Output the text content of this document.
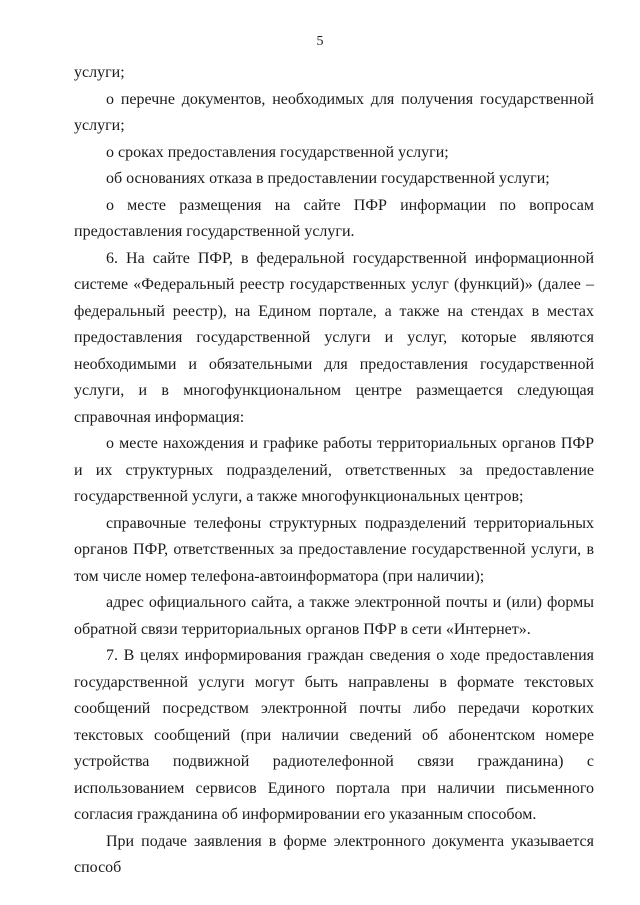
5

услуги;

о перечне документов, необходимых для получения государственной услуги;

о сроках предоставления государственной услуги;

об основаниях отказа в предоставлении государственной услуги;

о месте размещения на сайте ПФР информации по вопросам предоставления государственной услуги.

6. На сайте ПФР, в федеральной государственной информационной системе «Федеральный реестр государственных услуг (функций)» (далее – федеральный реестр), на Едином портале, а также на стендах в местах предоставления государственной услуги и услуг, которые являются необходимыми и обязательными для предоставления государственной услуги, и в многофункциональном центре размещается следующая справочная информация:

о месте нахождения и графике работы территориальных органов ПФР и их структурных подразделений, ответственных за предоставление государственной услуги, а также многофункциональных центров;

справочные телефоны структурных подразделений территориальных органов ПФР, ответственных за предоставление государственной услуги, в том числе номер телефона-автоинформатора (при наличии);

адрес официального сайта, а также электронной почты и (или) формы обратной связи территориальных органов ПФР в сети «Интернет».

7. В целях информирования граждан сведения о ходе предоставления государственной услуги могут быть направлены в формате текстовых сообщений посредством электронной почты либо передачи коротких текстовых сообщений (при наличии сведений об абонентском номере устройства подвижной радиотелефонной связи гражданина) с использованием сервисов Единого портала при наличии письменного согласия гражданина об информировании его указанным способом.

При подаче заявления в форме электронного документа указывается способ
